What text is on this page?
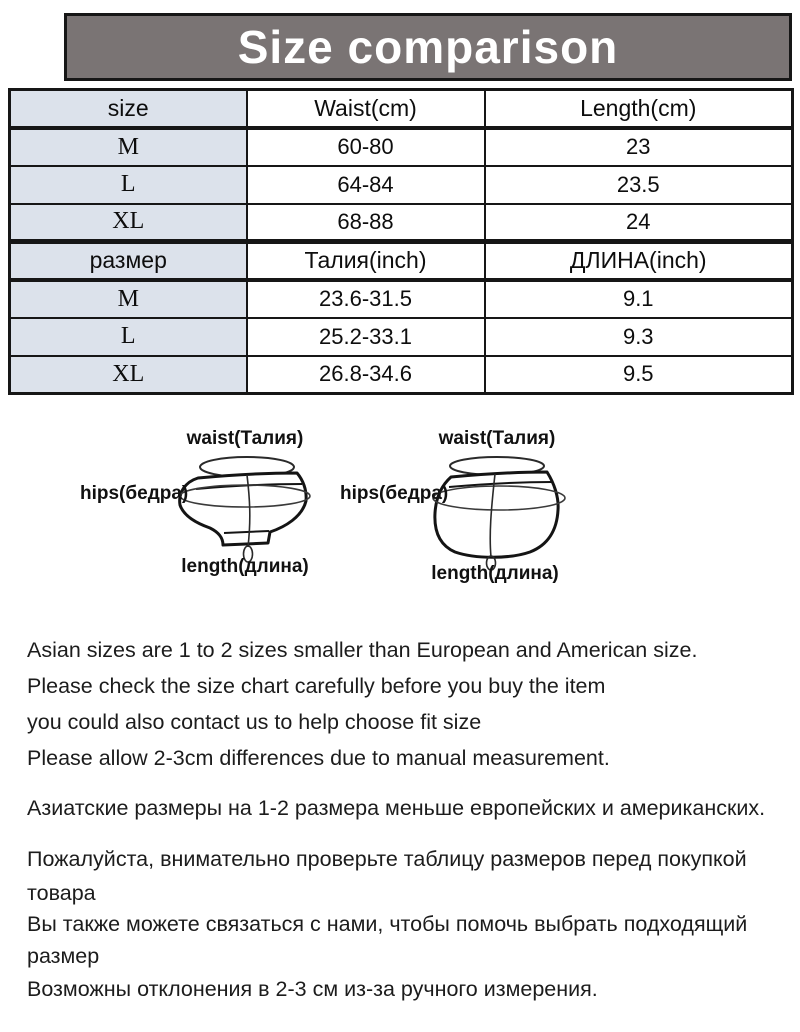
Size comparison
size	Waist(cm)	Length(cm)
M	60-80	23
L	64-84	23.5
XL	68-88	24
размер	Талия(inch)	ДЛИНА(inch)
M	23.6-31.5	9.1
L	25.2-33.1	9.3
XL	26.8-34.6	9.5
waist(Талия)
hips(бедра)
length(длина)
waist(Талия)
hips(бедра)
length(длина)
Asian sizes are 1 to 2 sizes smaller than European and American size.
Please check the size chart carefully before you buy the item
you could also contact us to help choose fit size
Please allow 2-3cm differences due to manual measurement.
Азиатские размеры на 1-2 размера меньше европейских и американских.
Пожалуйста, внимательно проверьте таблицу размеров перед покупкой
товара
Вы также можете связаться с нами, чтобы помочь выбрать подходящий
размер
Возможны отклонения в 2-3 см из-за ручного измерения.
